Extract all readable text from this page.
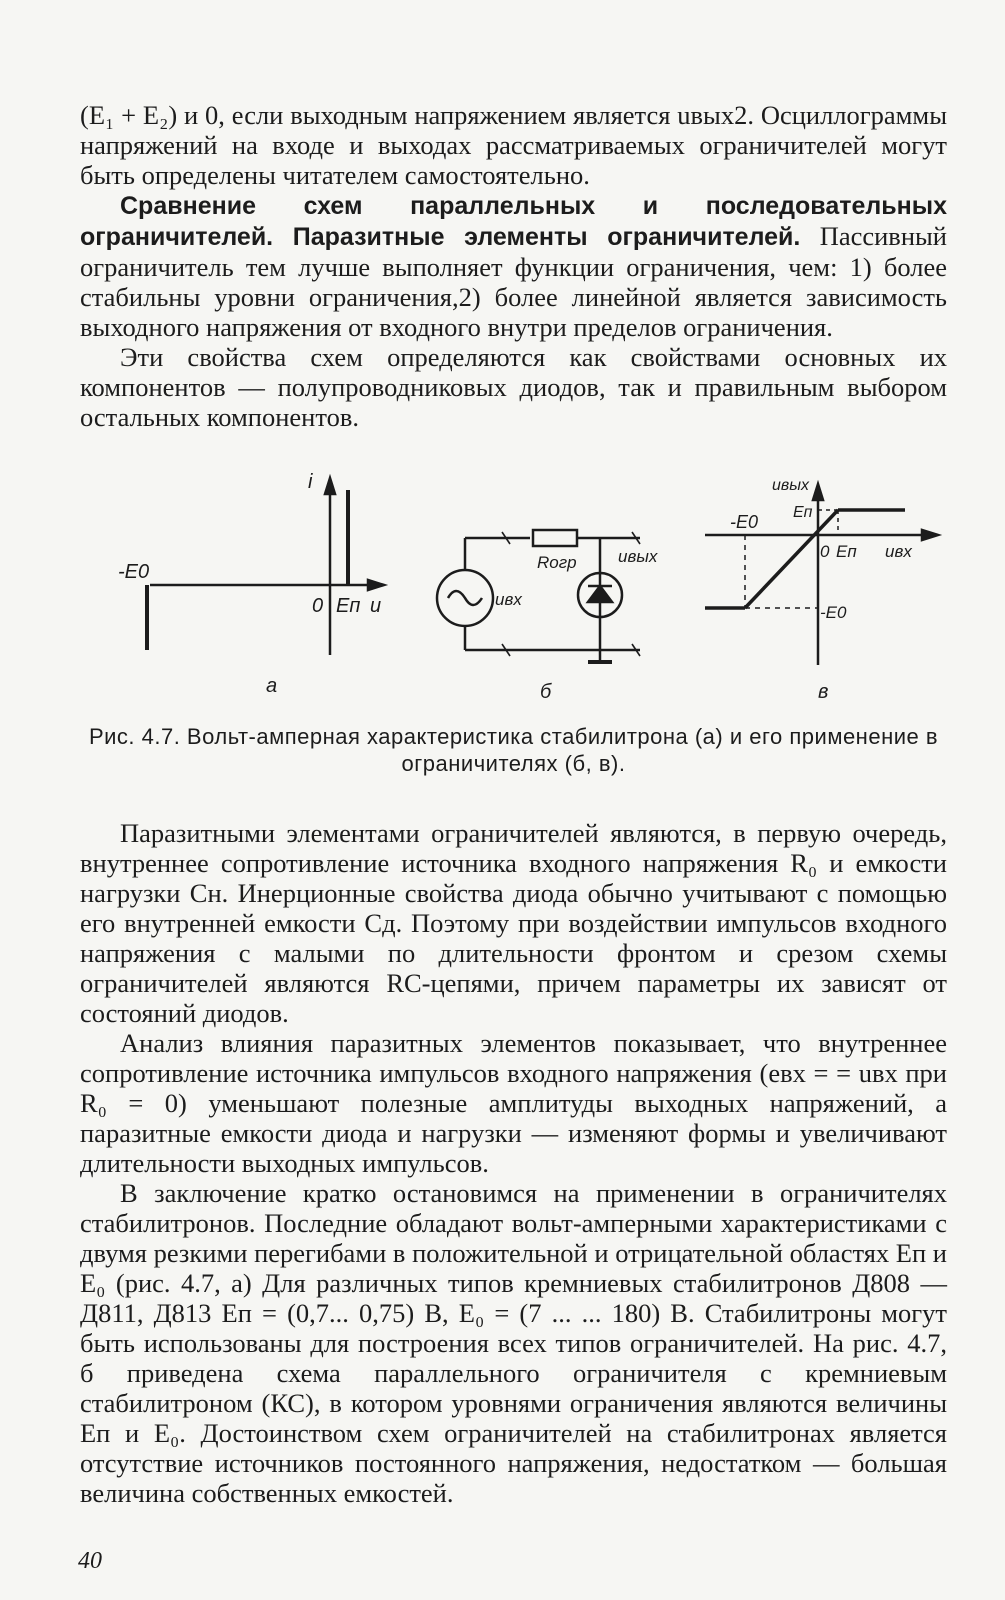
(E₁ + E₂) и 0, если выходным напряжением является uвых2. Осциллограммы напряжений на входе и выходах рассматриваемых ограничителей могут быть определены читателем самостоятельно.

Сравнение схем параллельных и последовательных ограничителей. Паразитные элементы ограничителей. Пассивный ограничитель тем лучше выполняет функции ограничения, чем: 1) более стабильны уровни ограничения,2) более линейной является зависимость выходного напряжения от входного внутри пределов ограничения.

Эти свойства схем определяются как свойствами основных их компонентов — полупроводниковых диодов, так и правильным выбором остальных компонентов.

i
-E0
0 Eп u
а
Rогр
uвх
uвых
б
uвых
-E0 Eп
0 Eп uвх
-E0
в
Рис. 4.7. Вольт-амперная характеристика стабилитрона (а) и его применение в ограничителях (б, в).

Паразитными элементами ограничителей являются, в первую очередь, внутреннее сопротивление источника входного напряжения R₀ и емкости нагрузки Cн. Инерционные свойства диода обычно учитывают с помощью его внутренней емкости Cд. Поэтому при воздействии импульсов входного напряжения с малыми по длительности фронтом и срезом схемы ограничителей являются RC-цепями, причем параметры их зависят от состояний диодов.

Анализ влияния паразитных элементов показывает, что внутреннее сопротивление источника импульсов входного напряжения (eвх = = uвх при R₀ = 0) уменьшают полезные амплитуды выходных напряжений, а паразитные емкости диода и нагрузки — изменяют формы и увеличивают длительности выходных импульсов.

В заключение кратко остановимся на применении в ограничителях стабилитронов. Последние обладают вольт-амперными характеристиками с двумя резкими перегибами в положительной и отрицательной областях Eп и E₀ (рис. 4.7, а) Для различных типов кремниевых стабилитронов Д808 — Д811, Д813 Eп = (0,7... 0,75) В, E₀ = (7 ... ... 180) В. Стабилитроны могут быть использованы для построения всех типов ограничителей. На рис. 4.7, б приведена схема параллельного ограничителя с кремниевым стабилитроном (КС), в котором уровнями ограничения являются величины Eп и E₀. Достоинством схем ограничителей на стабилитронах является отсутствие источников постоянного напряжения, недостатком — большая величина собственных емкостей.

40
